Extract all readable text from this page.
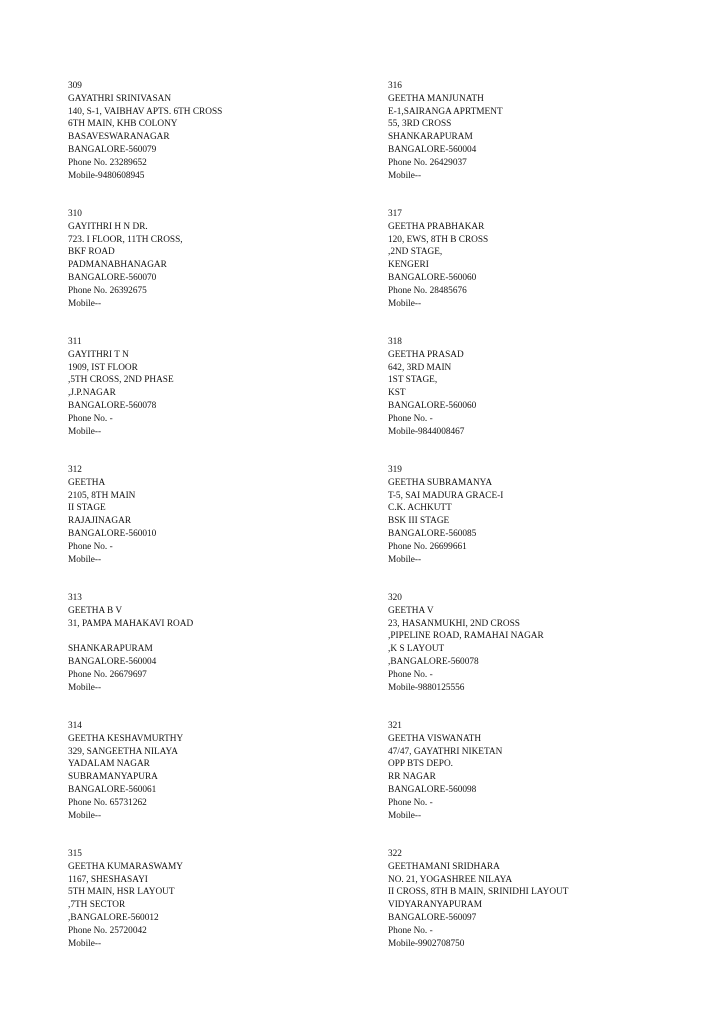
309
GAYATHRI SRINIVASAN
140, S-1, VAIBHAV APTS. 6TH CROSS
6TH MAIN, KHB COLONY
BASAVESWARANAGAR
BANGALORE-560079
Phone No. 23289652
Mobile-9480608945
310
GAYITHRI H N DR.
723. I FLOOR, 11TH CROSS,
BKF ROAD
PADMANABHANAGAR
BANGALORE-560070
Phone No. 26392675
Mobile--
311
GAYITHRI T N
1909, IST FLOOR
,5TH CROSS, 2ND PHASE
,J.P.NAGAR
BANGALORE-560078
Phone No. -
Mobile--
312
GEETHA
2105, 8TH MAIN
II STAGE
RAJAJINAGAR
BANGALORE-560010
Phone No. -
Mobile--
313
GEETHA B V
31, PAMPA MAHAKAVI ROAD
SHANKARAPURAM
BANGALORE-560004
Phone No. 26679697
Mobile--
314
GEETHA KESHAVMURTHY
329, SANGEETHA NILAYA
YADALAM NAGAR
SUBRAMANYAPURA
BANGALORE-560061
Phone No. 65731262
Mobile--
315
GEETHA KUMARASWAMY
1167, SHESHASAYI
5TH MAIN, HSR LAYOUT
,7TH SECTOR
,BANGALORE-560012
Phone No. 25720042
Mobile--
316
GEETHA MANJUNATH
E-1,SAIRANGA APRTMENT
55, 3RD CROSS
SHANKARAPURAM
BANGALORE-560004
Phone No. 26429037
Mobile--
317
GEETHA PRABHAKAR
120, EWS, 8TH B CROSS
,2ND STAGE,
KENGERI
BANGALORE-560060
Phone No. 28485676
Mobile--
318
GEETHA PRASAD
642, 3RD MAIN
1ST STAGE,
KST
BANGALORE-560060
Phone No. -
Mobile-9844008467
319
GEETHA SUBRAMANYA
T-5, SAI MADURA GRACE-I
C.K. ACHKUTT
BSK III STAGE
BANGALORE-560085
Phone No. 26699661
Mobile--
320
GEETHA V
23, HASANMUKHI, 2ND CROSS
,PIPELINE ROAD, RAMAHAI NAGAR
,K S LAYOUT
,BANGALORE-560078
Phone No. -
Mobile-9880125556
321
GEETHA VISWANATH
47/47, GAYATHRI NIKETAN
OPP BTS DEPO.
RR NAGAR
BANGALORE-560098
Phone No. -
Mobile--
322
GEETHAMANI SRIDHARA
NO. 21, YOGASHREE NILAYA
II CROSS, 8TH B MAIN, SRINIDHI LAYOUT
VIDYARANYAPURAM
BANGALORE-560097
Phone No. -
Mobile-9902708750
